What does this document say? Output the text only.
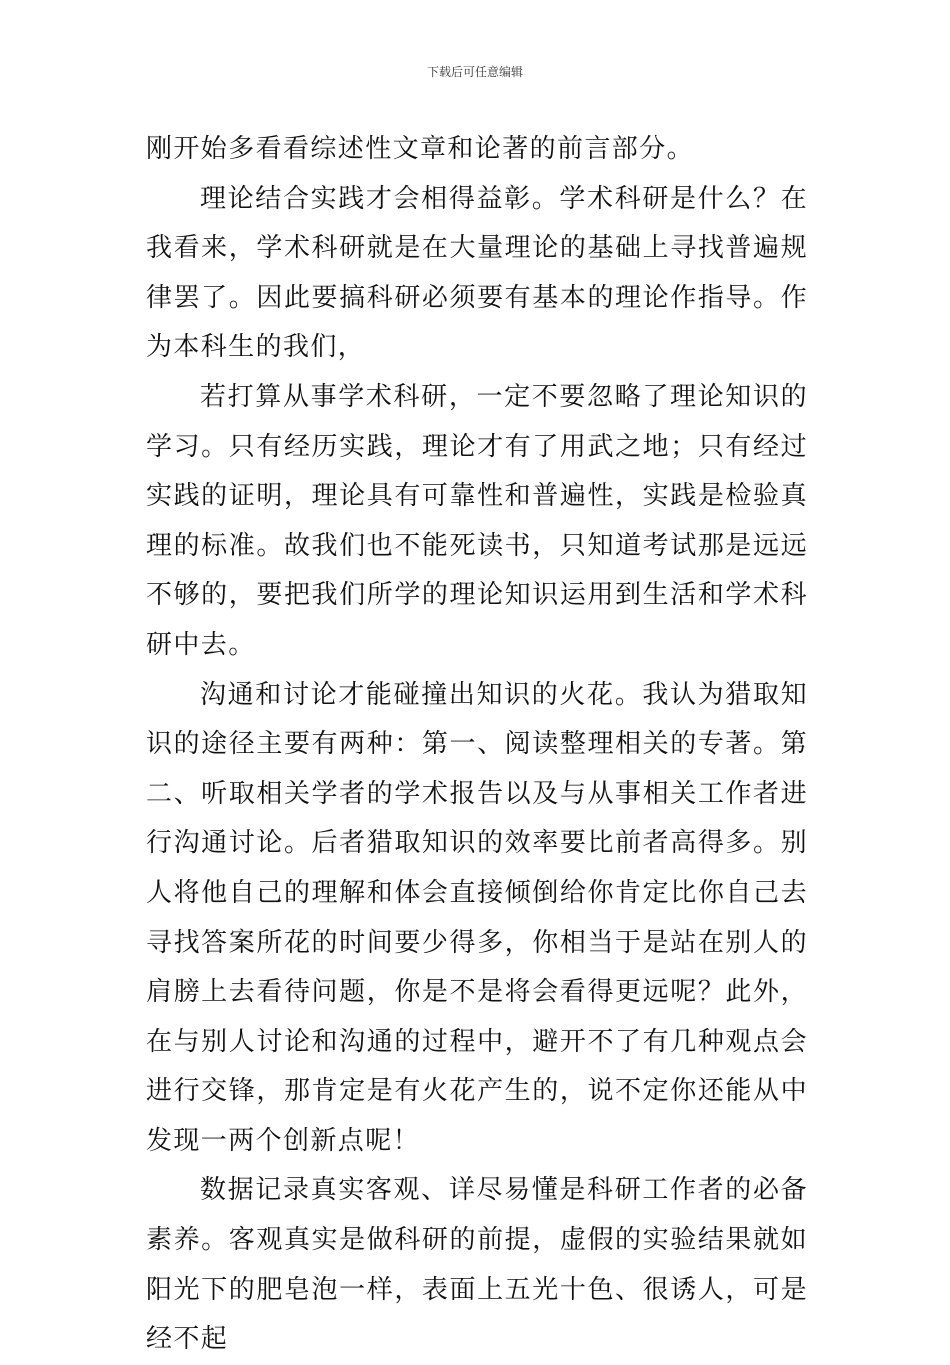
下载后可任意编辑

刚开始多看看综述性文章和论著的前言部分。

理论结合实践才会相得益彰。学术科研是什么？在我看来，学术科研就是在大量理论的基础上寻找普遍规律罢了。因此要搞科研必须要有基本的理论作指导。作为本科生的我们，

若打算从事学术科研，一定不要忽略了理论知识的学习。只有经历实践，理论才有了用武之地；只有经过实践的证明，理论具有可靠性和普遍性，实践是检验真理的标准。故我们也不能死读书，只知道考试那是远远不够的，要把我们所学的理论知识运用到生活和学术科研中去。

沟通和讨论才能碰撞出知识的火花。我认为猎取知识的途径主要有两种：第一、阅读整理相关的专著。第二、听取相关学者的学术报告以及与从事相关工作者进行沟通讨论。后者猎取知识的效率要比前者高得多。别人将他自己的理解和体会直接倾倒给你肯定比你自己去寻找答案所花的时间要少得多，你相当于是站在别人的肩膀上去看待问题，你是不是将会看得更远呢？此外，在与别人讨论和沟通的过程中，避开不了有几种观点会进行交锋，那肯定是有火花产生的，说不定你还能从中发现一两个创新点呢！

数据记录真实客观、详尽易懂是科研工作者的必备素养。客观真实是做科研的前提，虚假的实验结果就如阳光下的肥皂泡一样，表面上五光十色、很诱人，可是经不起
